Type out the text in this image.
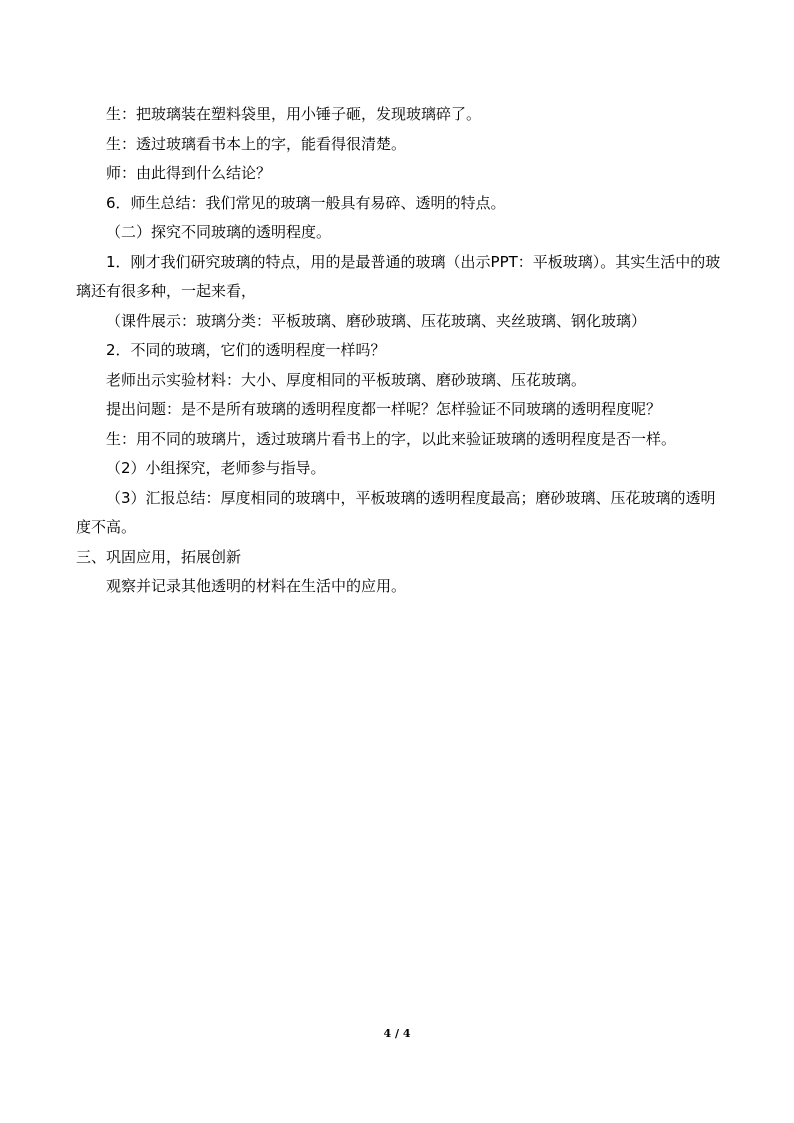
生：把玻璃装在塑料袋里，用小锤子砸，发现玻璃碎了。

生：透过玻璃看书本上的字，能看得很清楚。

师：由此得到什么结论？

6．师生总结：我们常见的玻璃一般具有易碎、透明的特点。

（二）探究不同玻璃的透明程度。

1．刚才我们研究玻璃的特点，用的是最普通的玻璃（出示PPT：平板玻璃）。其实生活中的玻璃还有很多种，一起来看，

（课件展示：玻璃分类：平板玻璃、磨砂玻璃、压花玻璃、夹丝玻璃、钢化玻璃）

2．不同的玻璃，它们的透明程度一样吗？

老师出示实验材料：大小、厚度相同的平板玻璃、磨砂玻璃、压花玻璃。

提出问题：是不是所有玻璃的透明程度都一样呢？怎样验证不同玻璃的透明程度呢？

生：用不同的玻璃片，透过玻璃片看书上的字，以此来验证玻璃的透明程度是否一样。

（2）小组探究，老师参与指导。

（3）汇报总结：厚度相同的玻璃中，平板玻璃的透明程度最高；磨砂玻璃、压花玻璃的透明度不高。

三、巩固应用，拓展创新

观察并记录其他透明的材料在生活中的应用。

4 / 4
